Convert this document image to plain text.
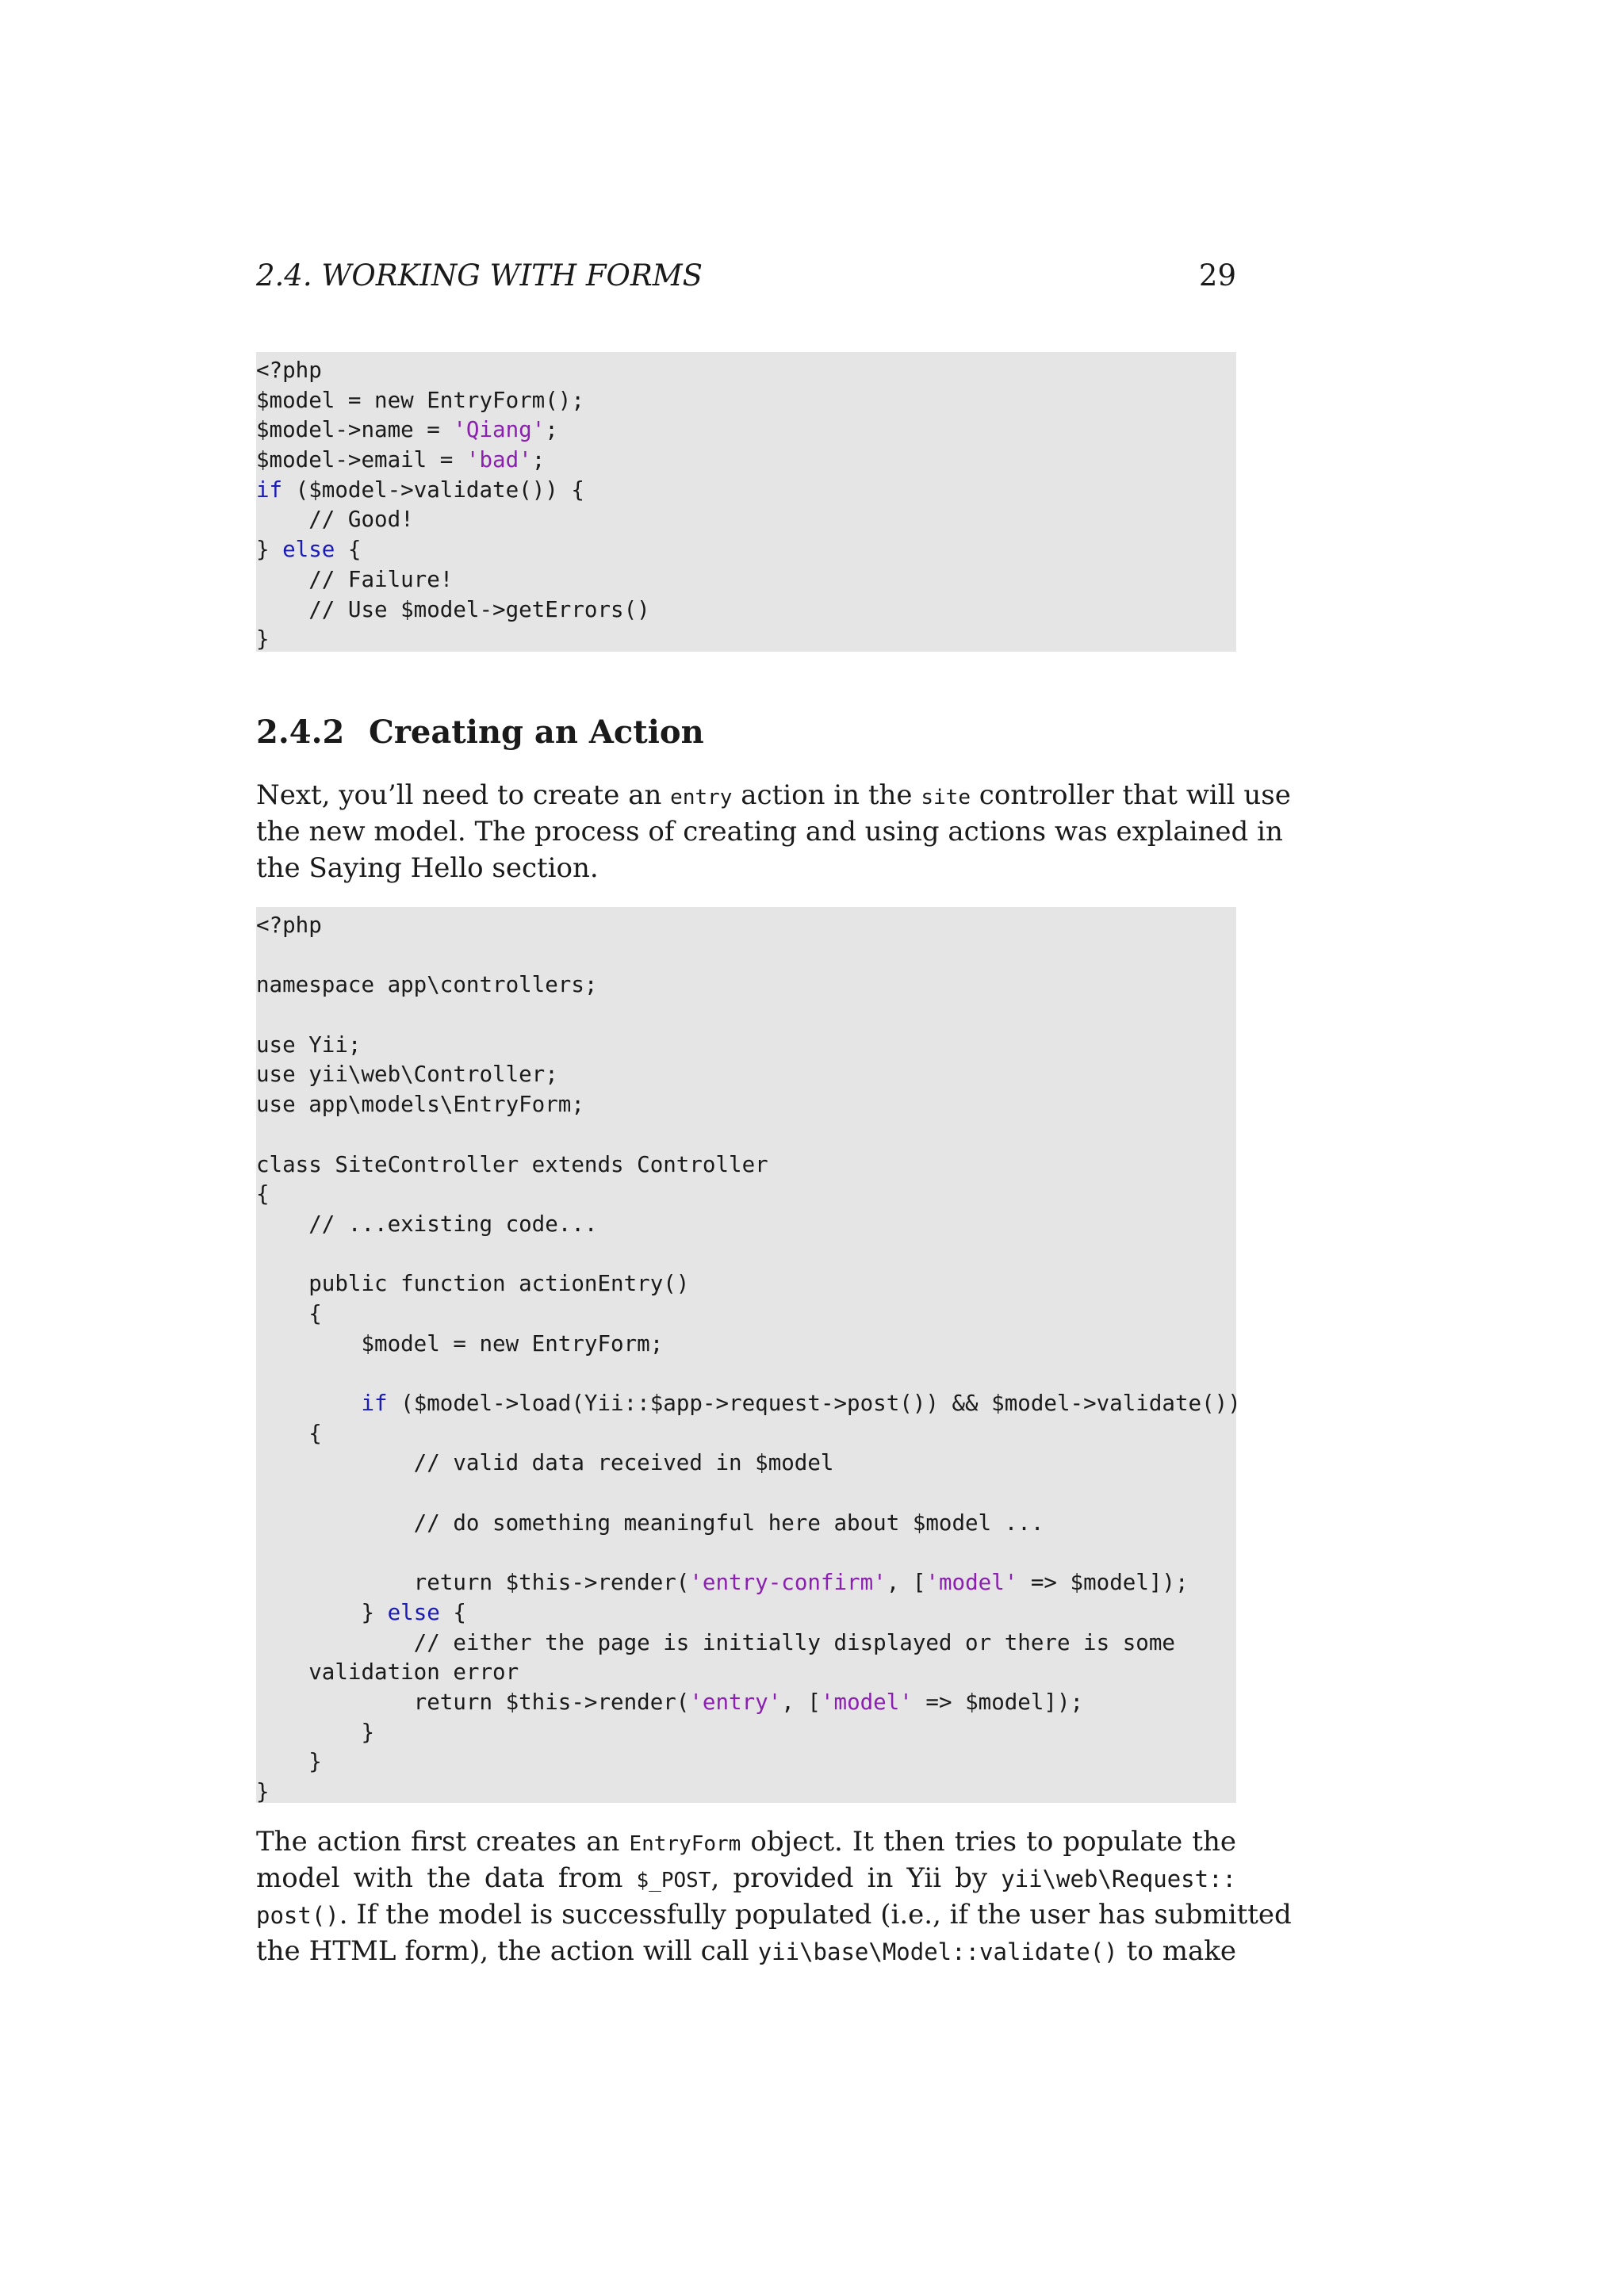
2.4. WORKING WITH FORMS	29
<?php
$model = new EntryForm();
$model->name = 'Qiang';
$model->email = 'bad';
if ($model->validate()) {
// Good!
} else {
// Failure!
// Use $model->getErrors()
}
2.4.2 Creating an Action
Next, you’ll need to create an entry action in the site controller that will use
the new model. The process of creating and using actions was explained in
the Saying Hello section.
<?php
namespace app\controllers;
use Yii;
use yii\web\Controller;
use app\models\EntryForm;
class SiteController extends Controller
{
// ...existing code...
public function actionEntry()
{
$model = new EntryForm;
if ($model->load(Yii::$app->request->post()) && $model->validate())
{
// valid data received in $model
// do something meaningful here about $model ...
return $this->render('entry-confirm', ['model' => $model]);
} else {
// either the page is initially displayed or there is some
validation error
return $this->render('entry', ['model' => $model]);
}
}
}
The action first creates an EntryForm object. It then tries to populate the
model with the data from $_POST, provided in Yii by yii\web\Request::
post(). If the model is successfully populated (i.e., if the user has submitted
the HTML form), the action will call yii\base\Model::validate() to make
